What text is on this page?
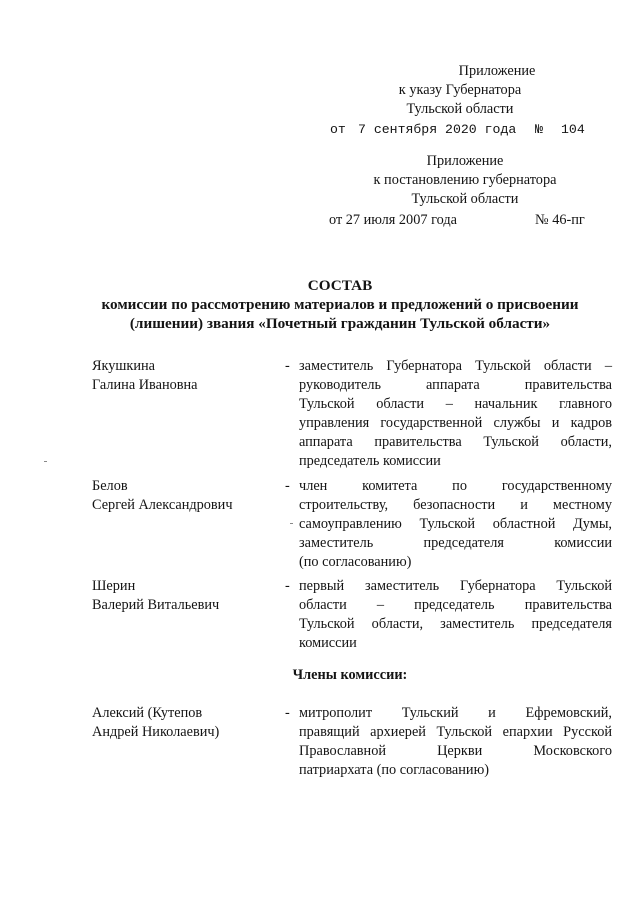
Приложение
к указу Губернатора
Тульской области
от 7 сентября 2020 года № 104
Приложение
к постановлению губернатора
Тульской области
от 27 июля 2007 года	№ 46-пг
СОСТАВ
комиссии по рассмотрению материалов и предложений о присвоении
(лишении) звания «Почетный гражданин Тульской области»
Якушкина
Галина Ивановна
- заместитель Губернатора Тульской области –
руководитель аппарата правительства
Тульской области – начальник главного
управления государственной службы и кадров
аппарата правительства Тульской области,
председатель комиссии
Белов
Сергей Александрович
- член комитета по государственному
строительству, безопасности и местному
самоуправлению Тульской областной Думы,
заместитель председателя комиссии
(по согласованию)
Шерин
Валерий Витальевич
- первый заместитель Губернатора Тульской
области – председатель правительства
Тульской области, заместитель председателя
комиссии
Члены комиссии:
Алексий (Кутепов
Андрей Николаевич)
- митрополит Тульский и Ефремовский,
правящий архиерей Тульской епархии Русской
Православной Церкви Московского
патриархата (по согласованию)
